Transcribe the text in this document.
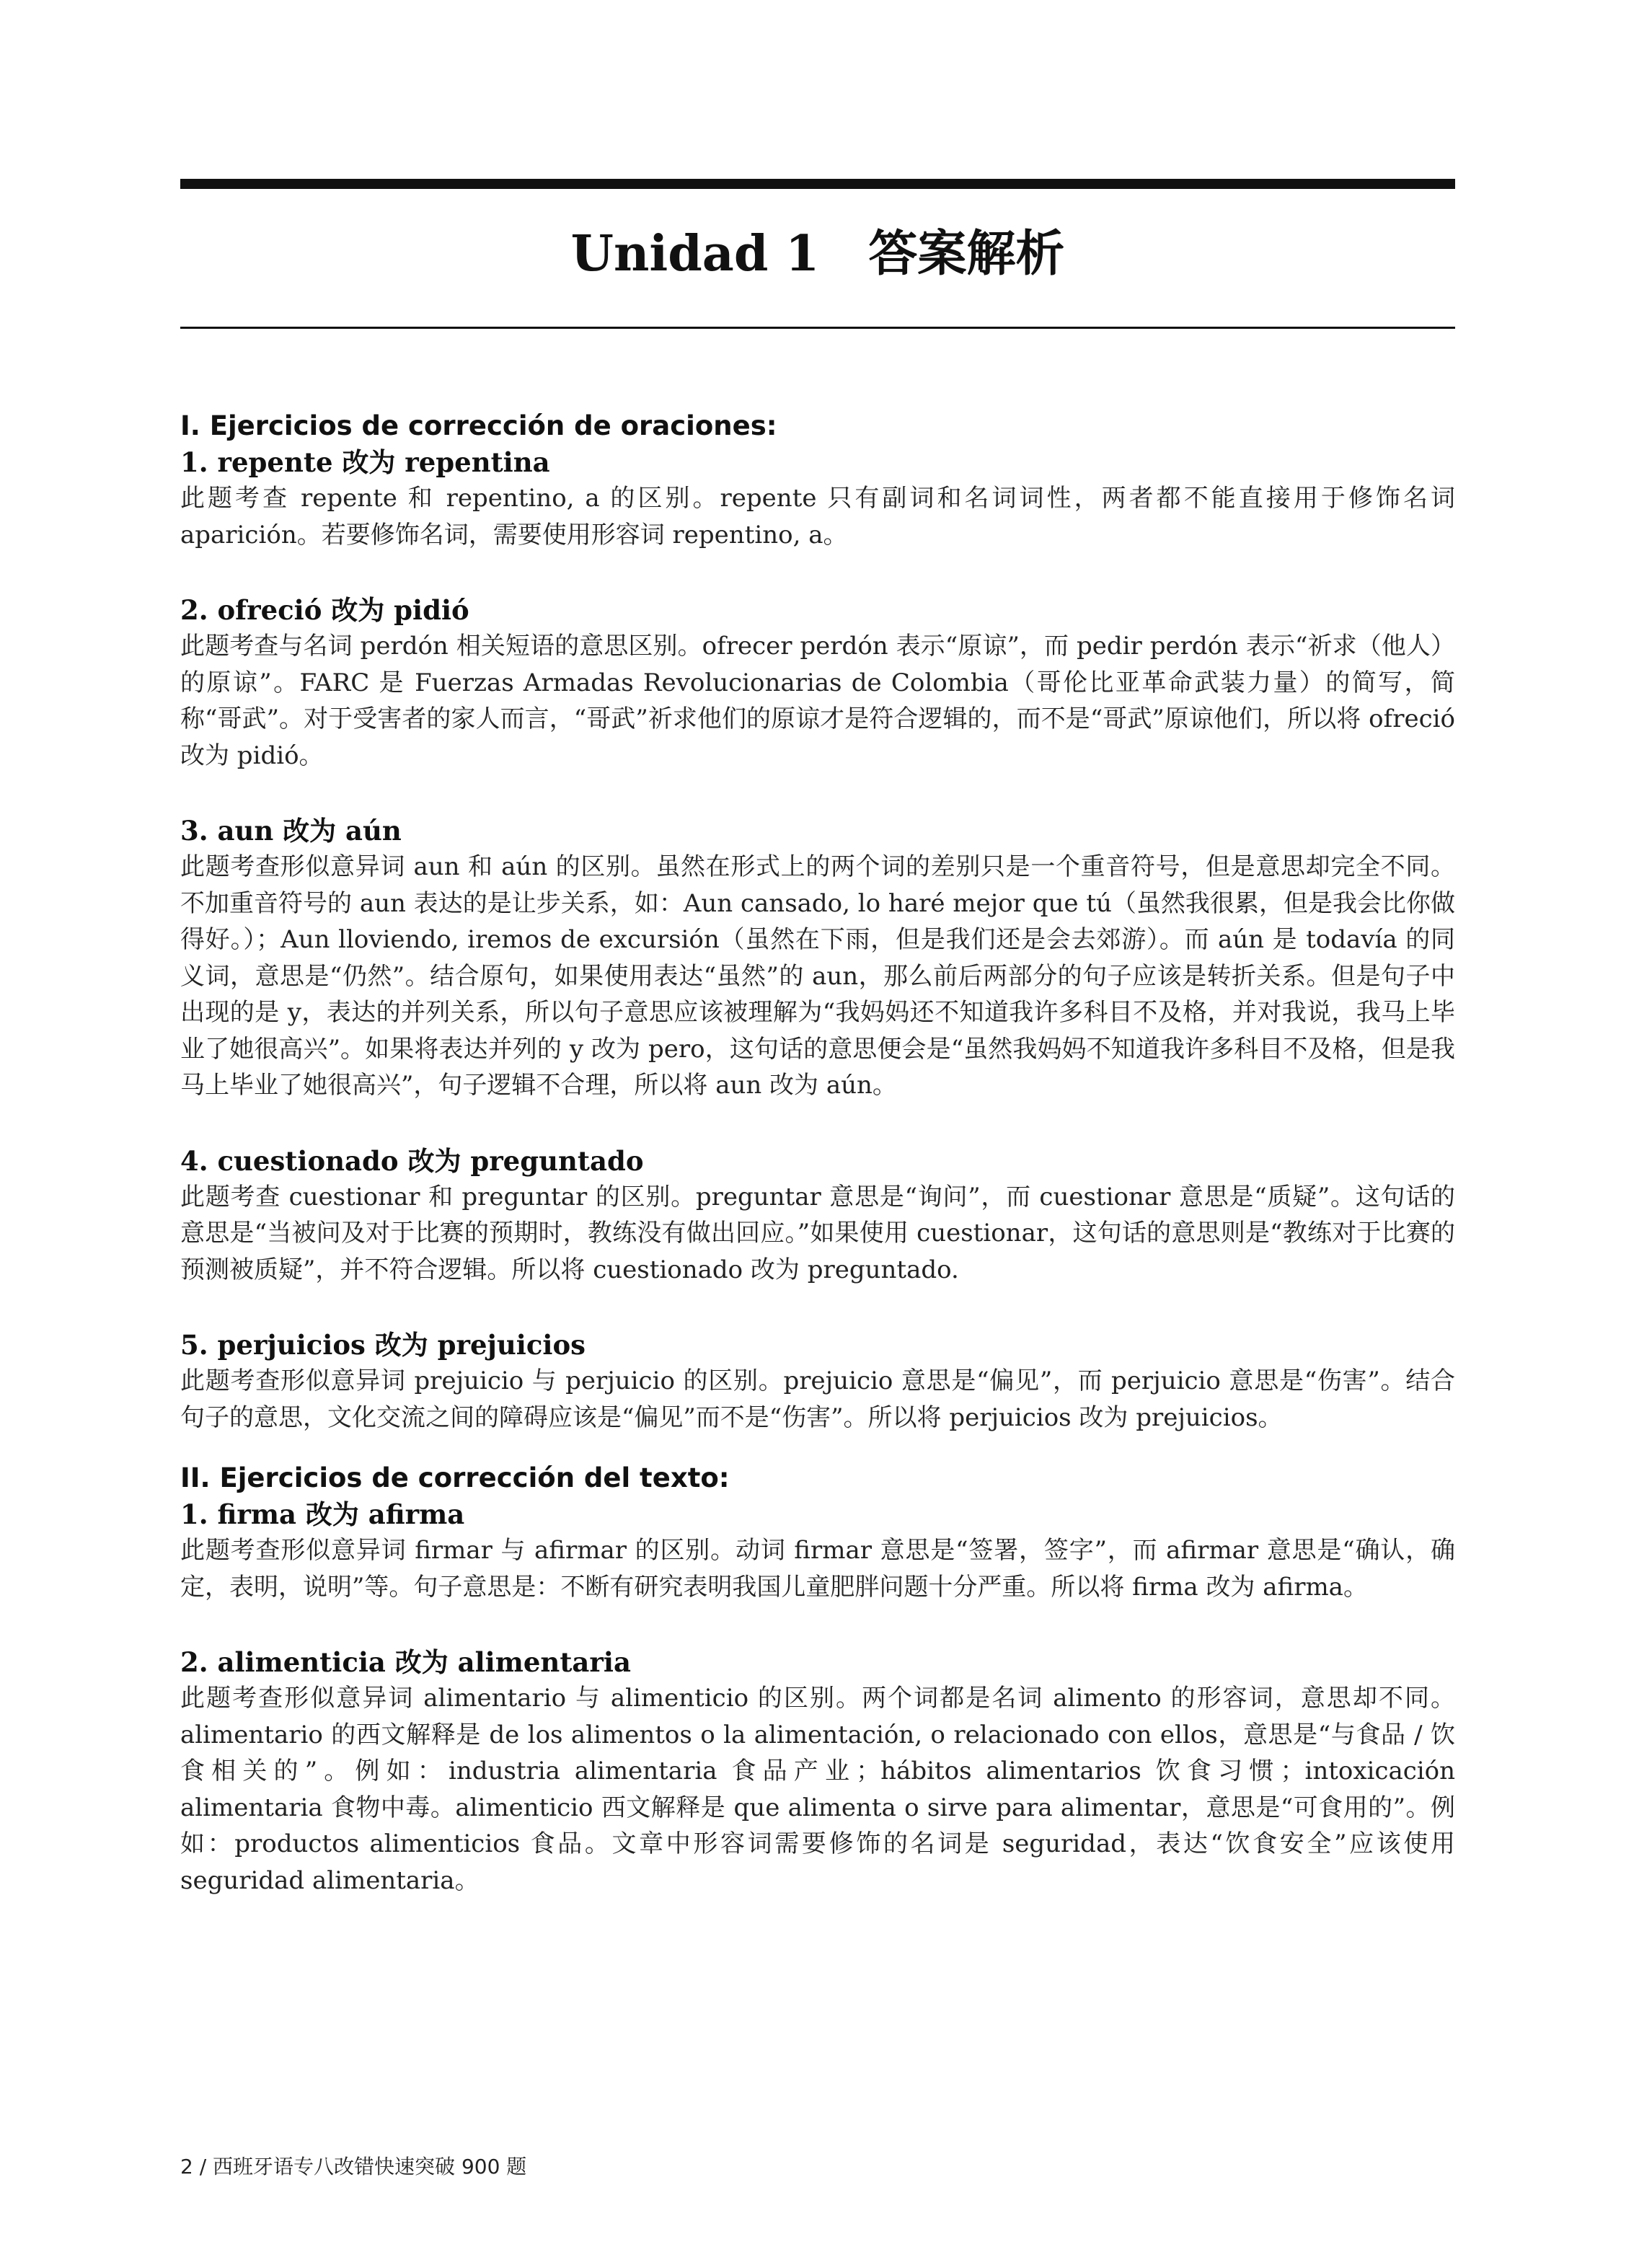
Unidad 1　答案解析

I. Ejercicios de corrección de oraciones:

1. repente 改为 repentina

此题考查 repente 和 repentino, a 的区别。repente 只有副词和名词词性，两者都不能直接用于修饰名词 aparición。若要修饰名词，需要使用形容词 repentino, a。

2. ofreció 改为 pidió

此题考查与名词 perdón 相关短语的意思区别。ofrecer perdón 表示“原谅”，而 pedir perdón 表示“祈求（他人）的原谅”。FARC 是 Fuerzas Armadas Revolucionarias de Colombia（哥伦比亚革命武装力量）的简写，简称“哥武”。对于受害者的家人而言，“哥武”祈求他们的原谅才是符合逻辑的，而不是“哥武”原谅他们，所以将 ofreció 改为 pidió。

3. aun 改为 aún

此题考查形似意异词 aun 和 aún 的区别。虽然在形式上的两个词的差别只是一个重音符号，但是意思却完全不同。不加重音符号的 aun 表达的是让步关系，如：Aun cansado, lo haré mejor que tú（虽然我很累，但是我会比你做得好。）；Aun lloviendo, iremos de excursión（虽然在下雨，但是我们还是会去郊游）。而 aún 是 todavía 的同义词，意思是“仍然”。结合原句，如果使用表达“虽然”的 aun，那么前后两部分的句子应该是转折关系。但是句子中出现的是 y，表达的并列关系，所以句子意思应该被理解为“我妈妈还不知道我许多科目不及格，并对我说，我马上毕业了她很高兴”。如果将表达并列的 y 改为 pero，这句话的意思便会是“虽然我妈妈不知道我许多科目不及格，但是我马上毕业了她很高兴”，句子逻辑不合理，所以将 aun 改为 aún。

4. cuestionado 改为 preguntado

此题考查 cuestionar 和 preguntar 的区别。preguntar 意思是“询问”，而 cuestionar 意思是“质疑”。这句话的意思是“当被问及对于比赛的预期时，教练没有做出回应。”如果使用 cuestionar，这句话的意思则是“教练对于比赛的预测被质疑”，并不符合逻辑。所以将 cuestionado 改为 preguntado.

5. perjuicios 改为 prejuicios

此题考查形似意异词 prejuicio 与 perjuicio 的区别。prejuicio 意思是“偏见”，而 perjuicio 意思是“伤害”。结合句子的意思，文化交流之间的障碍应该是“偏见”而不是“伤害”。所以将 perjuicios 改为 prejuicios。

II. Ejercicios de corrección del texto:

1. firma 改为 afirma

此题考查形似意异词 firmar 与 afirmar 的区别。动词 firmar 意思是“签署，签字”，而 afirmar 意思是“确认，确定，表明，说明”等。句子意思是：不断有研究表明我国儿童肥胖问题十分严重。所以将 firma 改为 afirma。

2. alimenticia 改为 alimentaria

此题考查形似意异词 alimentario 与 alimenticio 的区别。两个词都是名词 alimento 的形容词，意思却不同。alimentario 的西文解释是 de los alimentos o la alimentación, o relacionado con ellos，意思是“与食品 / 饮食相关的”。例如：industria alimentaria 食品产业；hábitos alimentarios 饮食习惯；intoxicación alimentaria 食物中毒。alimenticio 西文解释是 que alimenta o sirve para alimentar，意思是“可食用的”。例如：productos alimenticios 食品。文章中形容词需要修饰的名词是 seguridad，表达“饮食安全”应该使用 seguridad alimentaria。

2 / 西班牙语专八改错快速突破 900 题
